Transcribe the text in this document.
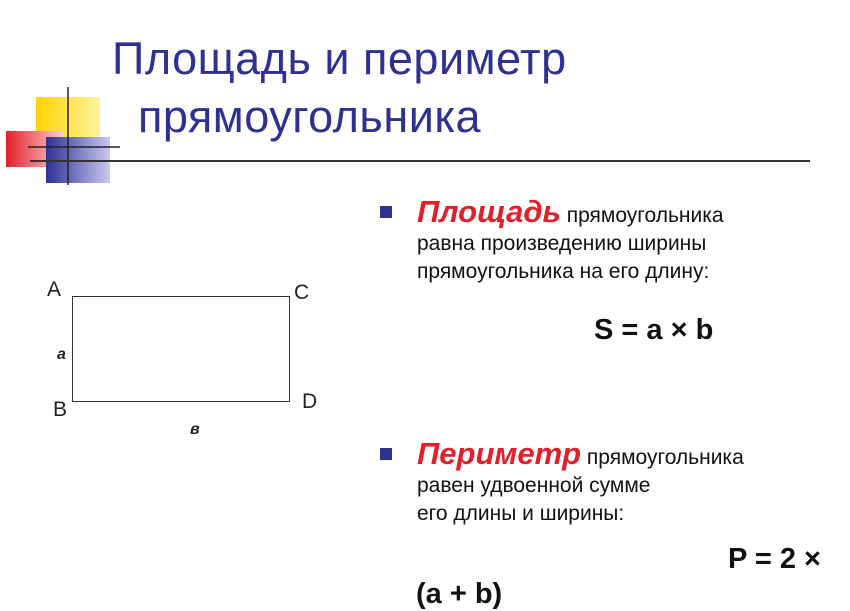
Площадь и периметр
прямоугольника
A
B
C
D
a
в
Площадь прямоугольника
равна произведению ширины
прямоугольника на его длину:
S = a × b
Периметр прямоугольника
равен удвоенной сумме
его длины и ширины:
P = 2 ×
(a + b)
